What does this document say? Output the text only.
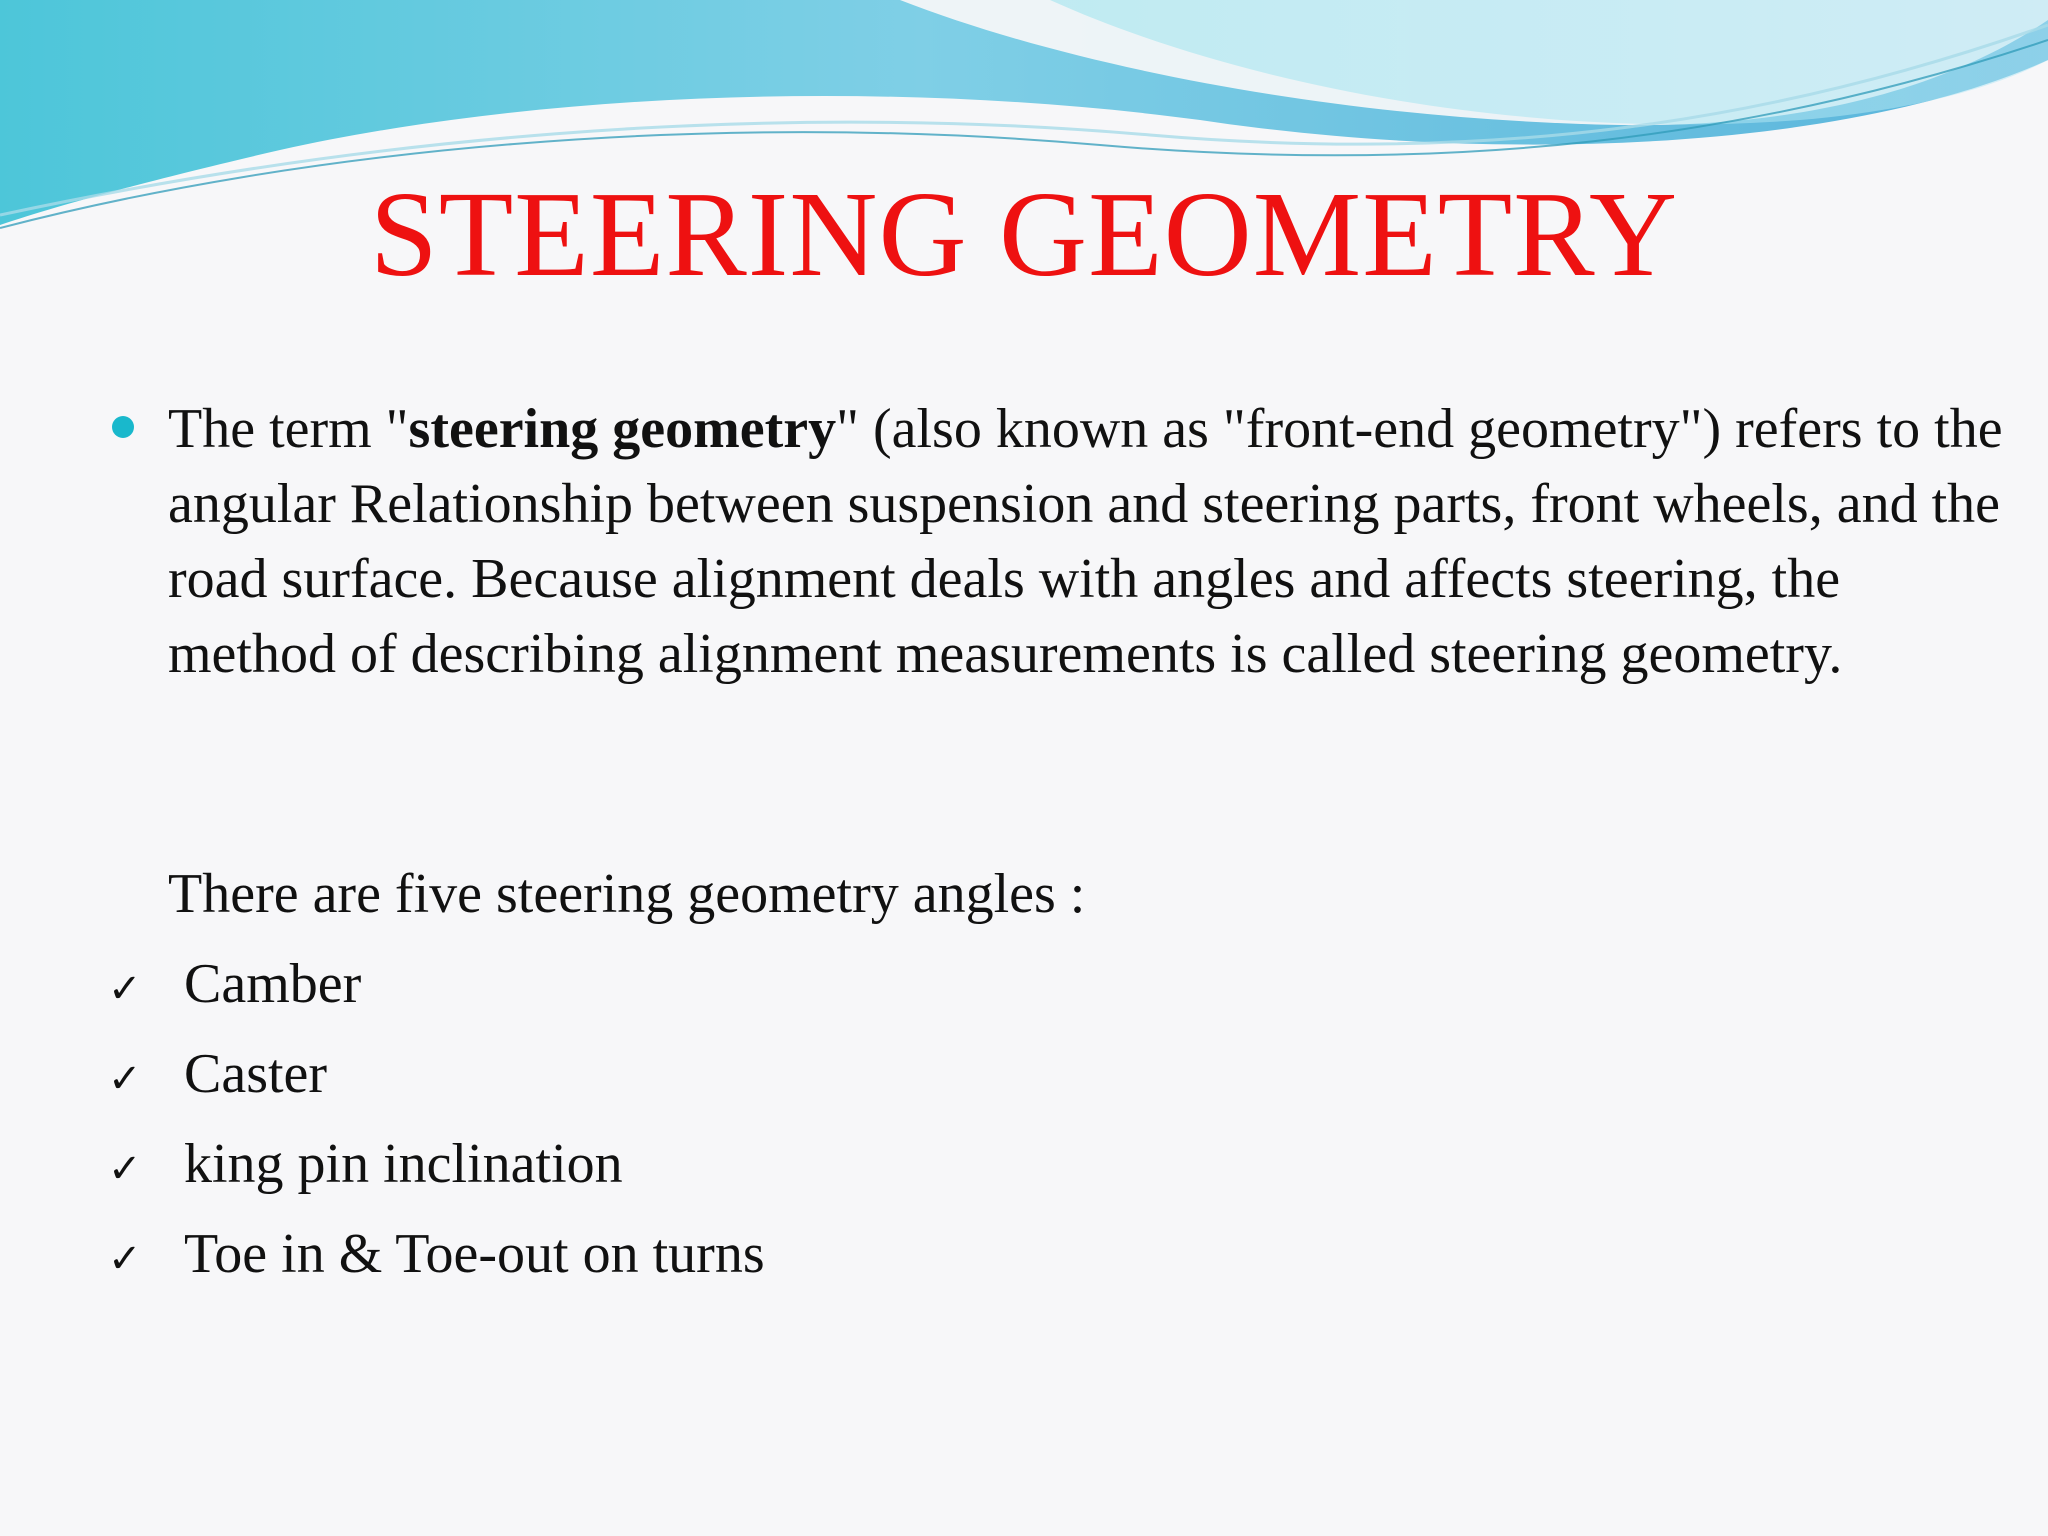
STEERING GEOMETRY

The term "steering geometry" (also known as "front-end geometry") refers to the angular Relationship between suspension and steering parts, front wheels, and the road surface. Because alignment deals with angles and affects steering, the method of describing alignment measurements is called steering geometry.

There are five steering geometry angles :
✓ Camber
✓ Caster
✓ king pin inclination
✓ Toe in & Toe-out on turns
